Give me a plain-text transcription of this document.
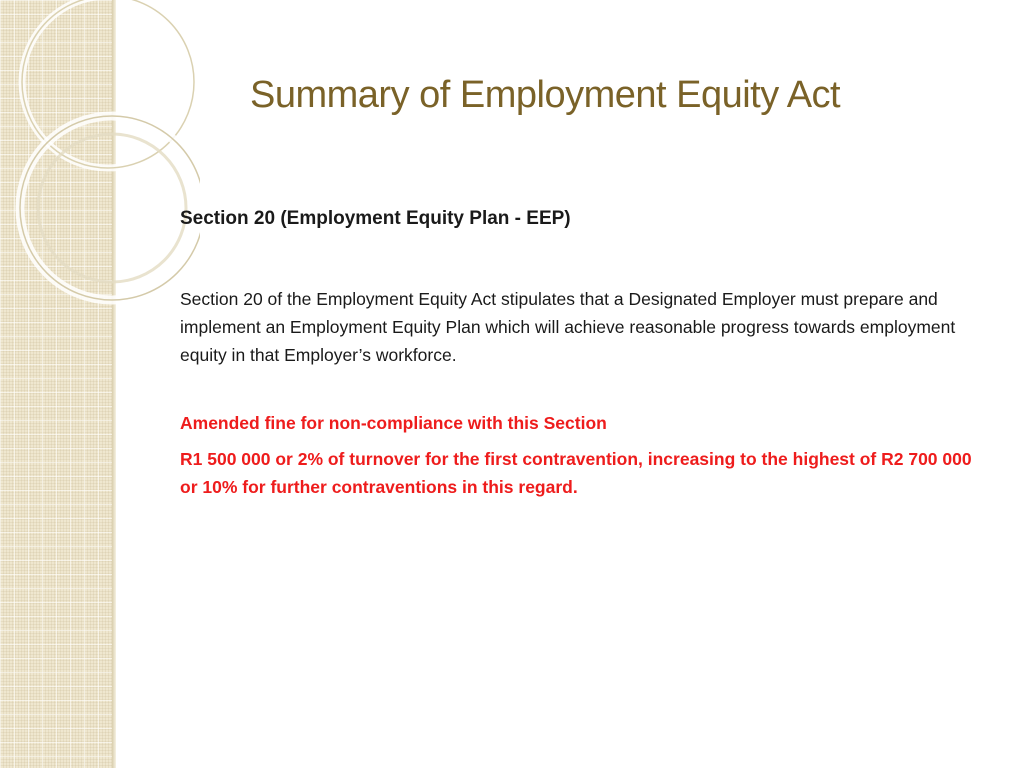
Summary of Employment Equity Act

Section 20 (Employment Equity Plan - EEP)

Section 20 of the Employment Equity Act stipulates that a Designated Employer must prepare and implement an Employment Equity Plan which will achieve reasonable progress towards employment equity in that Employer’s workforce.

Amended fine for non-compliance with this Section

R1 500 000 or 2% of turnover for the first contravention, increasing to the highest of R2 700 000 or 10% for further contraventions in this regard.
